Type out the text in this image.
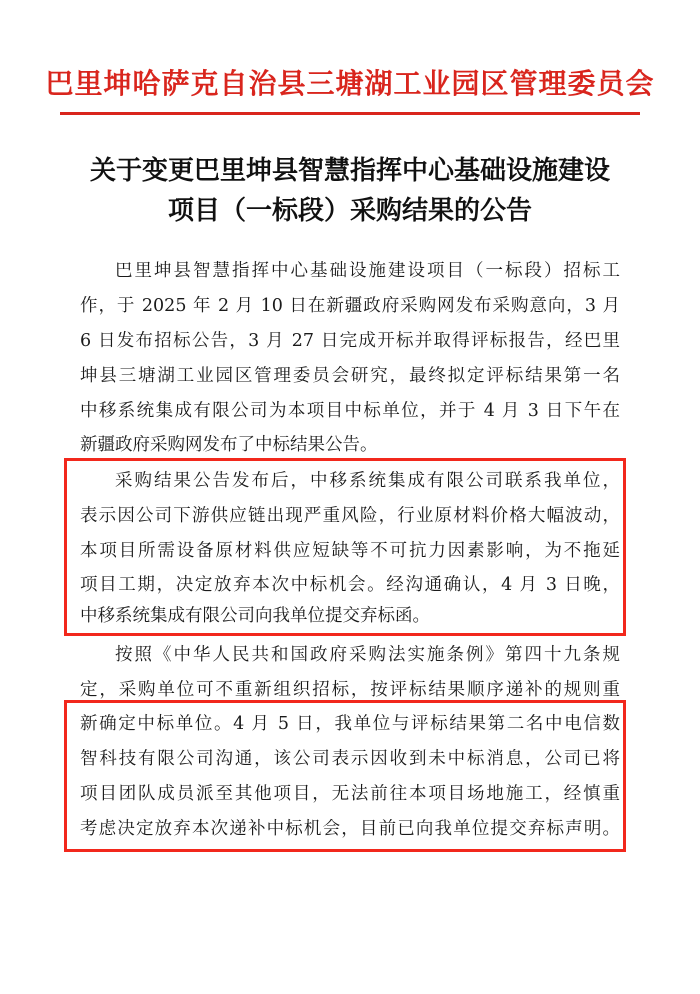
巴里坤哈萨克自治县三塘湖工业园区管理委员会
关于变更巴里坤县智慧指挥中心基础设施建设
项目（一标段）采购结果的公告
巴里坤县智慧指挥中心基础设施建设项目（一标段）招标工
作，于 2025 年 2 月 10 日在新疆政府采购网发布采购意向，3 月
6 日发布招标公告，3 月 27 日完成开标并取得评标报告，经巴里
坤县三塘湖工业园区管理委员会研究，最终拟定评标结果第一名
中移系统集成有限公司为本项目中标单位，并于 4 月 3 日下午在
新疆政府采购网发布了中标结果公告。
采购结果公告发布后，中移系统集成有限公司联系我单位，
表示因公司下游供应链出现严重风险，行业原材料价格大幅波动，
本项目所需设备原材料供应短缺等不可抗力因素影响，为不拖延
项目工期，决定放弃本次中标机会。经沟通确认，4 月 3 日晚，
中移系统集成有限公司向我单位提交弃标函。
按照《中华人民共和国政府采购法实施条例》第四十九条规
定，采购单位可不重新组织招标，按评标结果顺序递补的规则重
新确定中标单位。4 月 5 日，我单位与评标结果第二名中电信数
智科技有限公司沟通，该公司表示因收到未中标消息，公司已将
项目团队成员派至其他项目，无法前往本项目场地施工，经慎重
考虑决定放弃本次递补中标机会，目前已向我单位提交弃标声明。
